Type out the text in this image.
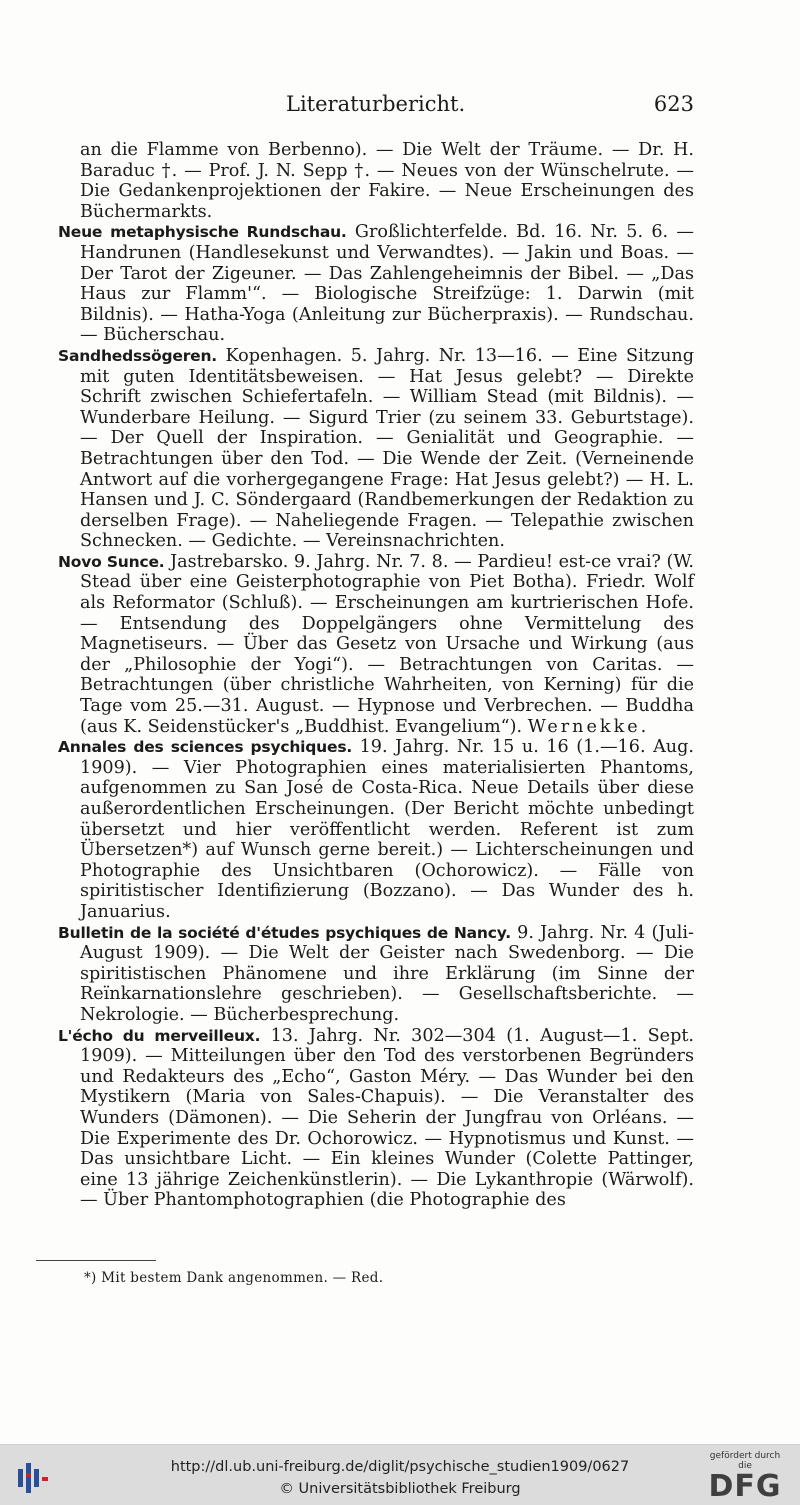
Literaturbericht.	623

an die Flamme von Berbenno). — Die Welt der Träume. — Dr. H. Baraduc †. — Prof. J. N. Sepp †. — Neues von der Wünschelrute. — Die Gedankenprojektionen der Fakire. — Neue Erscheinungen des Büchermarkts.

Neue metaphysische Rundschau. Großlichterfelde. Bd. 16. Nr. 5. 6. — Handrunen (Handlesekunst und Verwandtes). — Jakin und Boas. — Der Tarot der Zigeuner. — Das Zahlengeheimnis der Bibel. — „Das Haus zur Flamm'“. — Biologische Streifzüge: 1. Darwin (mit Bildnis). — Hatha-Yoga (Anleitung zur Bücherpraxis). — Rundschau. — Bücherschau.

Sandhedssögeren. Kopenhagen. 5. Jahrg. Nr. 13—16. — Eine Sitzung mit guten Identitätsbeweisen. — Hat Jesus gelebt? — Direkte Schrift zwischen Schiefertafeln. — William Stead (mit Bildnis). — Wunderbare Heilung. — Sigurd Trier (zu seinem 33. Geburtstage). — Der Quell der Inspiration. — Genialität und Geographie. — Betrachtungen über den Tod. — Die Wende der Zeit. (Verneinende Antwort auf die vorhergegangene Frage: Hat Jesus gelebt?) — H. L. Hansen und J. C. Söndergaard (Randbemerkungen der Redaktion zu derselben Frage). — Naheliegende Fragen. — Telepathie zwischen Schnecken. — Gedichte. — Vereinsnachrichten.

Novo Sunce. Jastrebarsko. 9. Jahrg. Nr. 7. 8. — Pardieu! est-ce vrai? (W. Stead über eine Geisterphotographie von Piet Botha). Friedr. Wolf als Reformator (Schluß). — Erscheinungen am kurtrierischen Hofe. — Entsendung des Doppelgängers ohne Vermittelung des Magnetiseurs. — Über das Gesetz von Ursache und Wirkung (aus der „Philosophie der Yogi“). — Betrachtungen von Caritas. — Betrachtungen (über christliche Wahrheiten, von Kerning) für die Tage vom 25.—31. August. — Hypnose und Verbrechen. — Buddha (aus K. Seidenstücker's „Buddhist. Evangelium“). Wernekke.

Annales des sciences psychiques. 19. Jahrg. Nr. 15 u. 16 (1.—16. Aug. 1909). — Vier Photographien eines materialisierten Phantoms, aufgenommen zu San José de Costa-Rica. Neue Details über diese außerordentlichen Erscheinungen. (Der Bericht möchte unbedingt übersetzt und hier veröffentlicht werden. Referent ist zum Übersetzen*) auf Wunsch gerne bereit.) — Lichterscheinungen und Photographie des Unsichtbaren (Ochorowicz). — Fälle von spiritistischer Identifizierung (Bozzano). — Das Wunder des h. Januarius.

Bulletin de la société d'études psychiques de Nancy. 9. Jahrg. Nr. 4 (Juli-August 1909). — Die Welt der Geister nach Swedenborg. — Die spiritistischen Phänomene und ihre Erklärung (im Sinne der Reïnkarnationslehre geschrieben). — Gesellschaftsberichte. — Nekrologie. — Bücherbesprechung.

L'écho du merveilleux. 13. Jahrg. Nr. 302—304 (1. August—1. Sept. 1909). — Mitteilungen über den Tod des verstorbenen Begründers und Redakteurs des „Echo“, Gaston Méry. — Das Wunder bei den Mystikern (Maria von Sales-Chapuis). — Die Veranstalter des Wunders (Dämonen). — Die Seherin der Jungfrau von Orléans. — Die Experimente des Dr. Ochorowicz. — Hypnotismus und Kunst. — Das unsichtbare Licht. — Ein kleines Wunder (Colette Pattinger, eine 13 jährige Zeichenkünstlerin). — Die Lykanthropie (Wärwolf). — Über Phantomphotographien (die Photographie des

*) Mit bestem Dank angenommen. — Red.
http://dl.ub.uni-freiburg.de/diglit/psychische_studien1909/0627
© Universitätsbibliothek Freiburg
gefördert durch die
DFG
